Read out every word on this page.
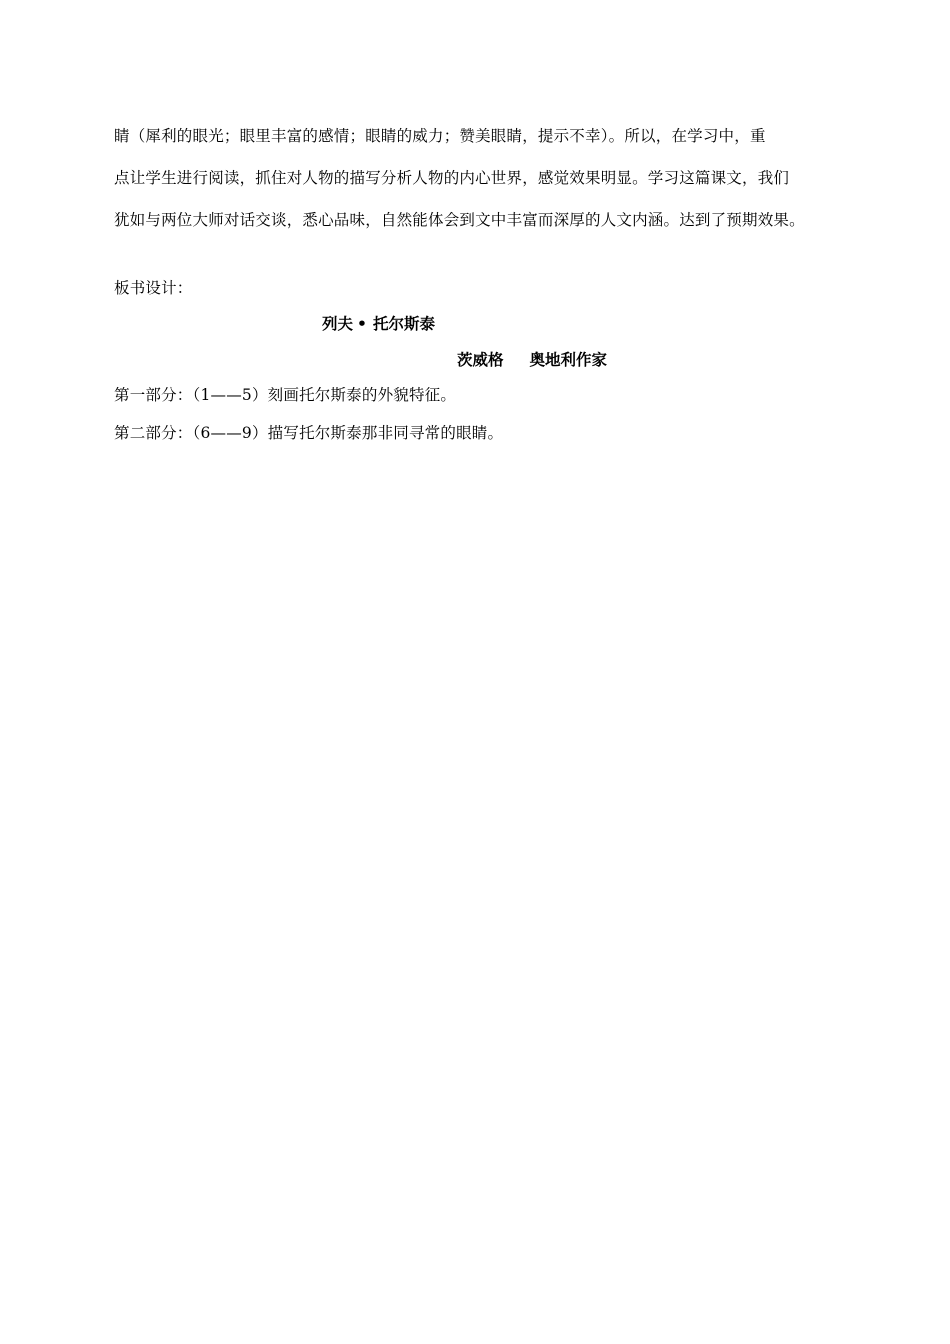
睛（犀利的眼光；眼里丰富的感情；眼睛的威力；赞美眼睛，提示不幸）。所以，在学习中，重
点让学生进行阅读，抓住对人物的描写分析人物的内心世界，感觉效果明显。学习这篇课文，我们
犹如与两位大师对话交谈，悉心品味，自然能体会到文中丰富而深厚的人文内涵。达到了预期效果。
板书设计：
列夫 • 托尔斯泰
茨威格 奥地利作家
第一部分：（1——5）刻画托尔斯泰的外貌特征。
第二部分：（6——9）描写托尔斯泰那非同寻常的眼睛。
